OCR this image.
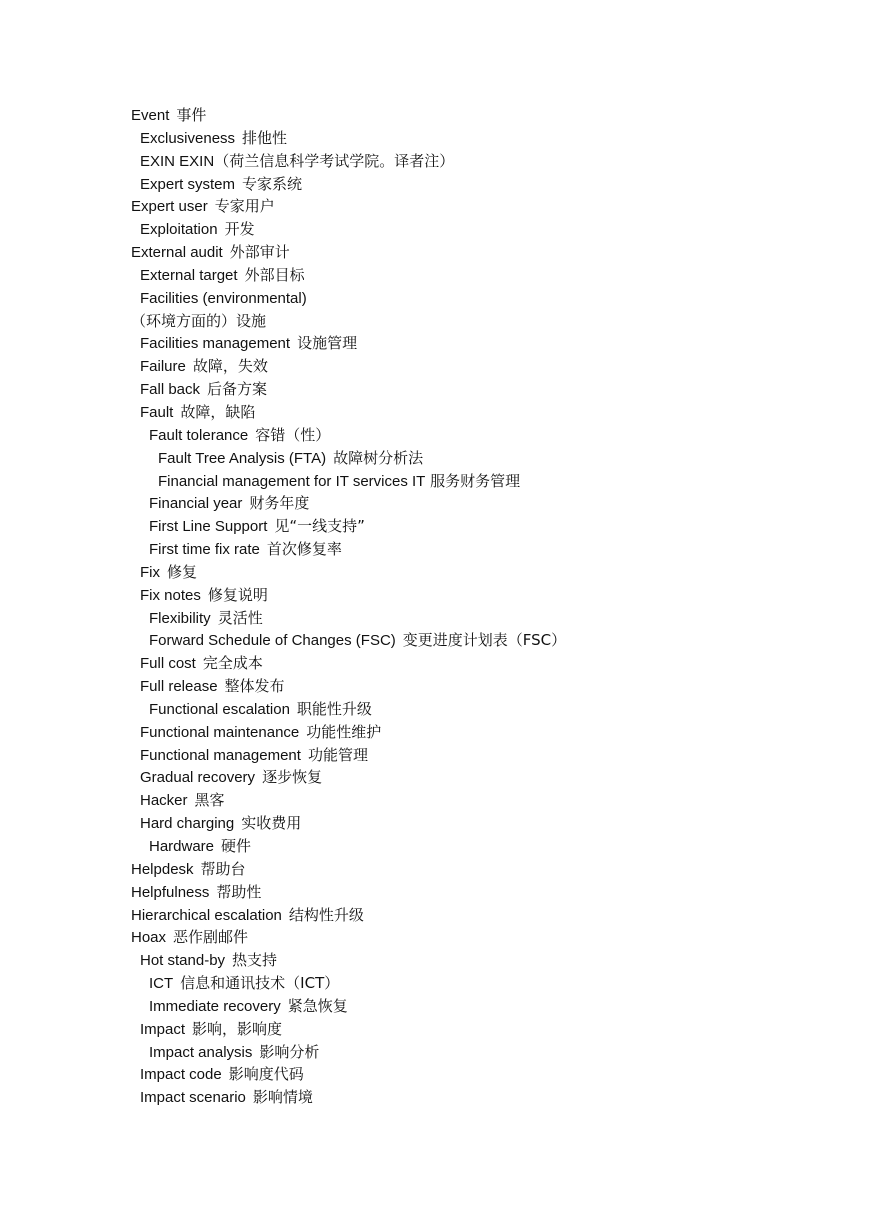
Event 事件
Exclusiveness 排他性
EXIN EXIN（荷兰信息科学考试学院。译者注）
Expert system 专家系统
Expert user 专家用户
Exploitation 开发
External audit 外部审计
External target 外部目标
Facilities (environmental)
（环境方面的）设施
Facilities management 设施管理
Failure 故障，失效
Fall back 后备方案
Fault 故障，缺陷
Fault tolerance 容错（性）
Fault Tree Analysis (FTA) 故障树分析法
Financial management for IT services IT 服务财务管理
Financial year 财务年度
First Line Support 见“一线支持”
First time fix rate 首次修复率
Fix 修复
Fix notes 修复说明
Flexibility 灵活性
Forward Schedule of Changes (FSC) 变更进度计划表（FSC）
Full cost 完全成本
Full release 整体发布
Functional escalation 职能性升级
Functional maintenance 功能性维护
Functional management 功能管理
Gradual recovery 逐步恢复
Hacker 黑客
Hard charging 实收费用
Hardware 硬件
Helpdesk 帮助台
Helpfulness 帮助性
Hierarchical escalation 结构性升级
Hoax 恶作剧邮件
Hot stand-by 热支持
ICT 信息和通讯技术（ICT）
Immediate recovery 紧急恢复
Impact 影响，影响度
Impact analysis 影响分析
Impact code 影响度代码
Impact scenario 影响情境
